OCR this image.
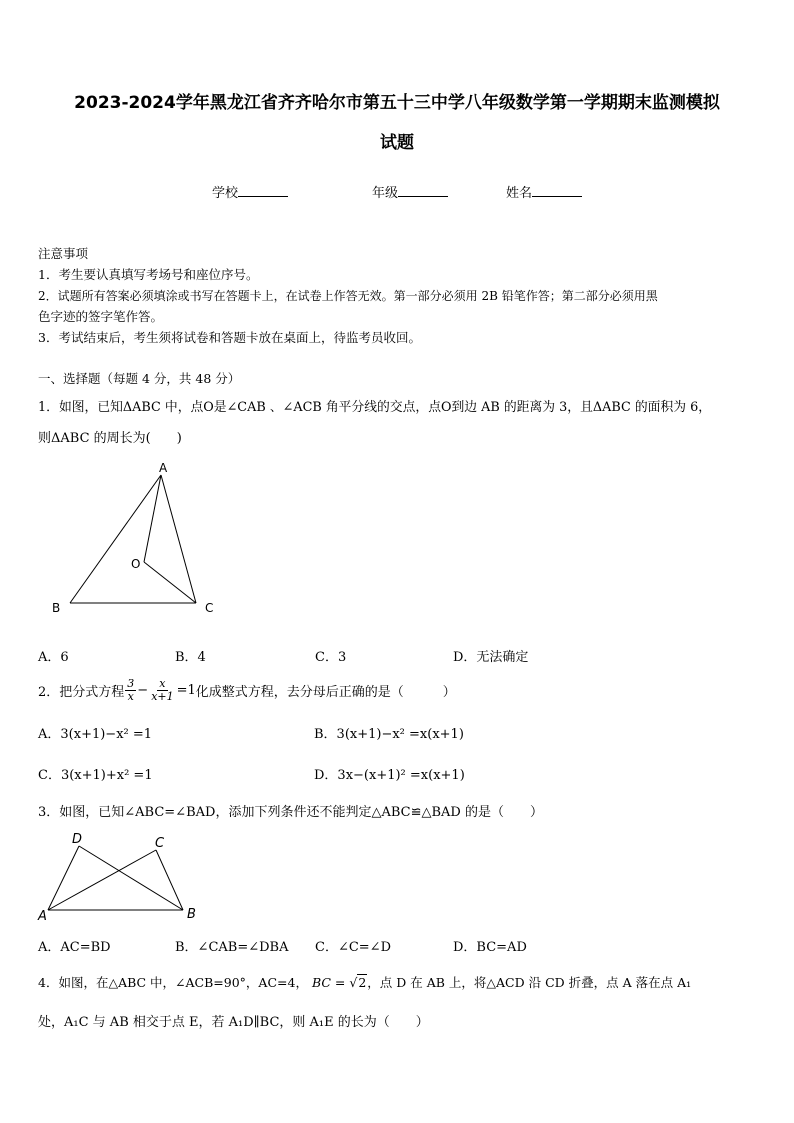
2023-2024学年黑龙江省齐齐哈尔市第五十三中学八年级数学第一学期期末监测模拟
试题
学校	年级	姓名
注意事项
1．考生要认真填写考场号和座位序号。
2．试题所有答案必须填涂或书写在答题卡上，在试卷上作答无效。第一部分必须用 2B 铅笔作答；第二部分必须用黑
色字迹的签字笔作答。
3．考试结束后，考生须将试卷和答题卡放在桌面上，待监考员收回。
一、选择题（每题 4 分，共 48 分）
1．如图，已知ΔABC 中，点O是∠CAB 、∠ACB 角平分线的交点，点O到边 AB 的距离为 3，且ΔABC 的面积为 6，
则ΔABC 的周长为(　　)
A
B	C
O
A．6	B．4	C．3	D．无法确定
2．把分式方程 $\frac{3}{x} - \frac{x}{x+1} =1$ 化成整式方程，去分母后正确的是（　　　）
A．3(x+1)−x² =1	B．3(x+1)−x² =x(x+1)
C．3(x+1)+x² =1	D．3x−(x+1)² =x(x+1)
3．如图，已知∠ABC=∠BAD，添加下列条件还不能判定△ABC≌△BAD 的是（　　）
D	C
A	B
A．AC=BD	B．∠CAB=∠DBA C．∠C=∠D	D．BC=AD
4．如图，在△ABC 中，∠ACB=90°，AC=4， BC = √2，点 D 在 AB 上，将△ACD 沿 CD 折叠，点 A 落在点 A₁
处，A₁C 与 AB 相交于点 E，若 A₁D∥BC，则 A₁E 的长为（　　）
